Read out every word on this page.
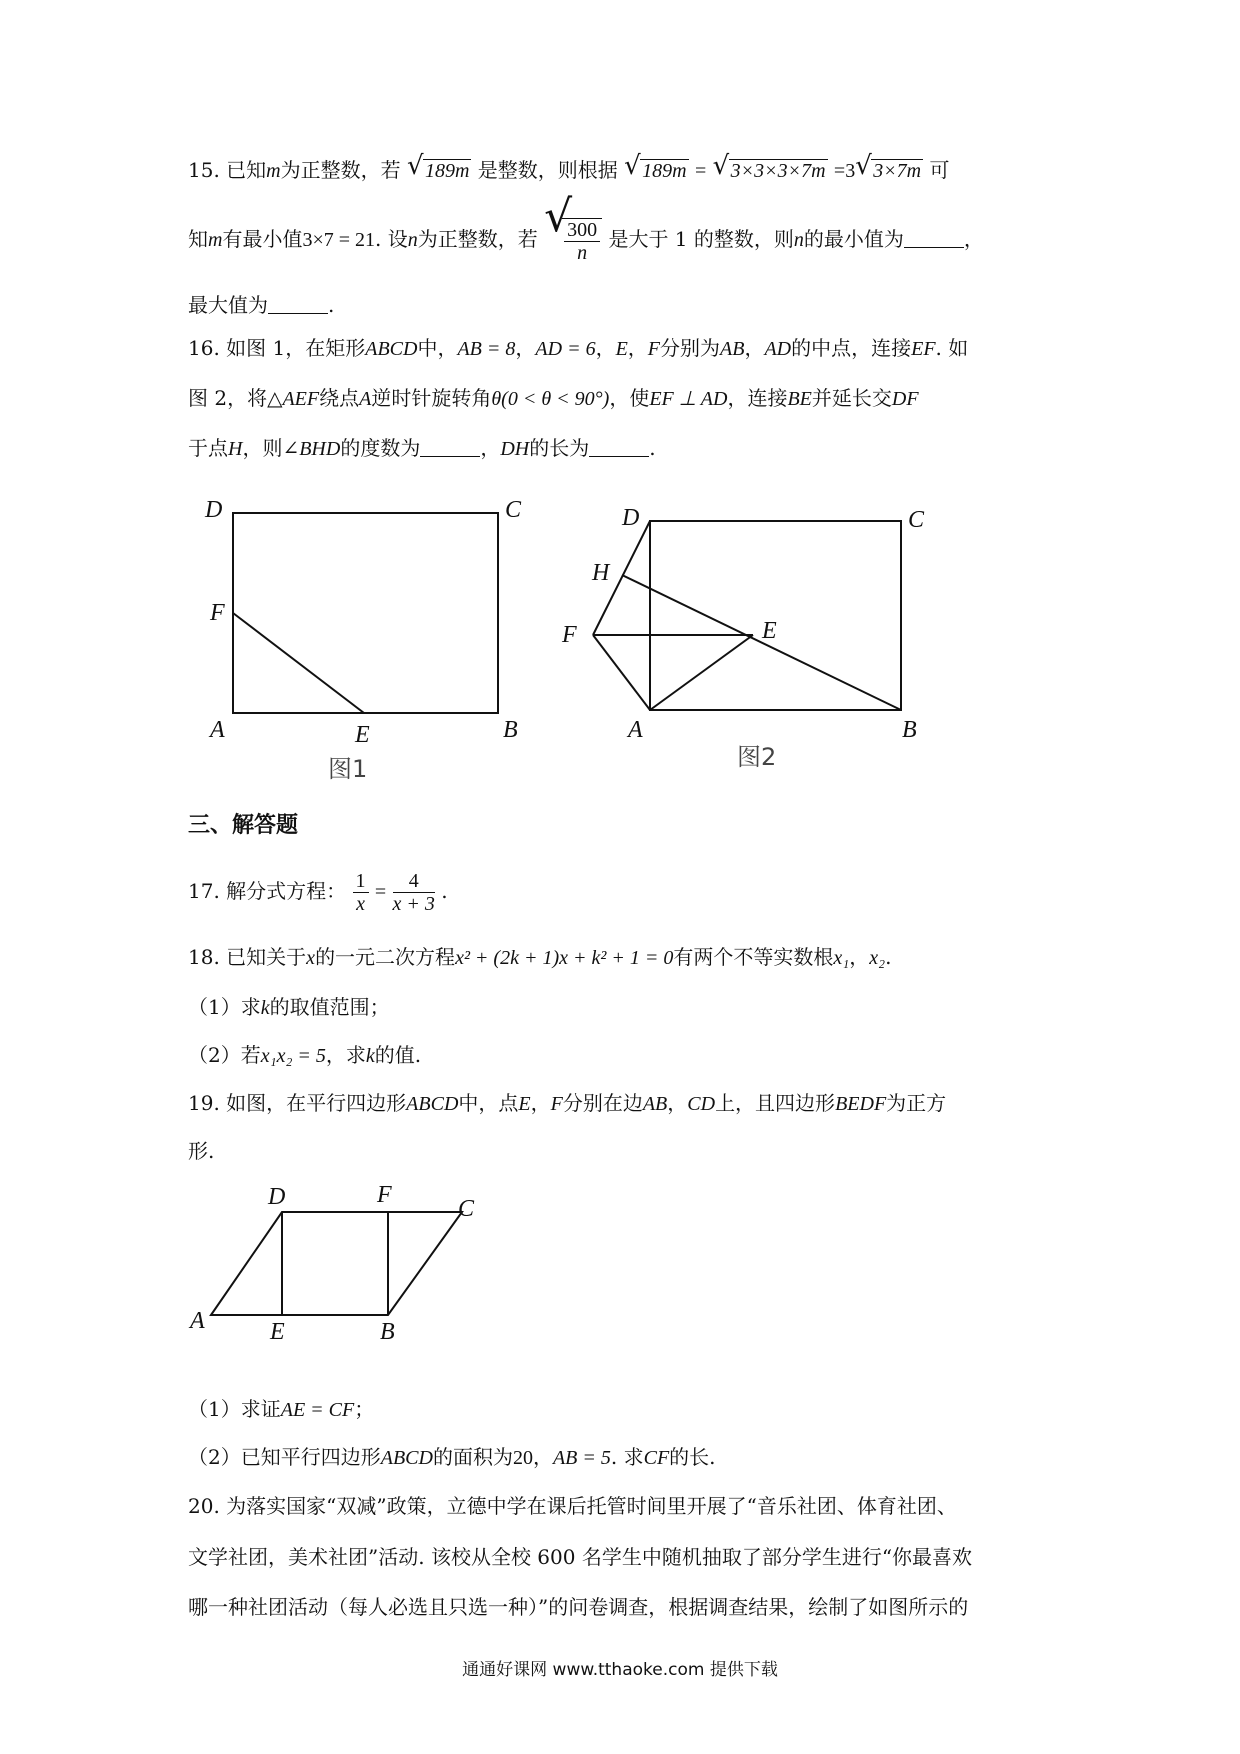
15. 已知m为正整数，若 √ 189m 是整数，则根据 √ 189m = √ 3×3×3×7m =3 √ 3×7m 可
知m有最小值3×7 = 21. 设n为正整数，若 √
$\frac{300}{n}$ 是大于 1 的整数，则n的最小值为	，
最大值为	.
16. 如图 1，在矩形ABCD中，AB = 8，AD = 6，E，F分别为AB，AD的中点，连接EF. 如
图 2，将△AEF绕点A逆时针旋转角θ(0 < θ < 90°)，使EF ⊥ AD，连接BE并延长交DF
于点H，则∠BHD的度数为	，DH的长为	.
D	C
F
A	E	B
图1
D	C
H
F	E
A	B
图2
三、解答题
17. 解分式方程： $\frac{1}{x} = \frac{4}{x + 3}$ .
18. 已知关于x的一元二次方程x² + (2k + 1)x + k² + 1 = 0有两个不等实数根x₁，x₂.
（1）求k的取值范围；
（2）若x₁x₂ = 5，求k的值.
19. 如图，在平行四边形ABCD中，点E，F分别在边AB，CD上，且四边形BEDF为正方
形.
D	F
C
A	E	B
（1）求证AE = CF；
（2）已知平行四边形ABCD的面积为20，AB = 5. 求CF的长.
20. 为落实国家“双减”政策，立德中学在课后托管时间里开展了“音乐社团、体育社团、
文学社团，美术社团”活动. 该校从全校 600 名学生中随机抽取了部分学生进行“你最喜欢
哪一种社团活动（每人必选且只选一种）”的问卷调查，根据调查结果，绘制了如图所示的
通通好课网 www.tthaoke.com 提供下载
